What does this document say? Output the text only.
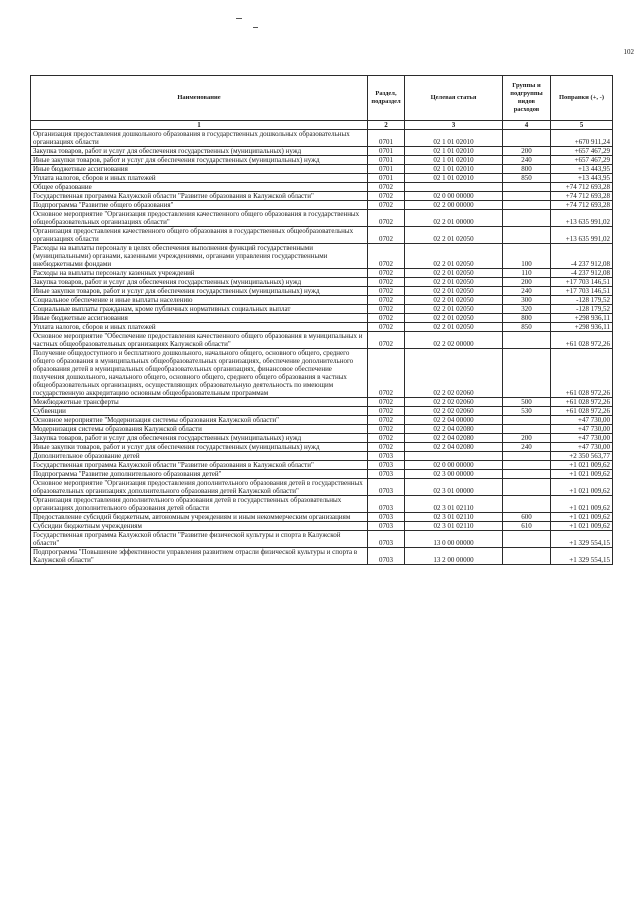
102
Наименование	Раздел, подраздел	Целевая статья	Группы и подгруппы видов расходов	Поправки (+, -)
1	2	3	4	5
Организация предоставления дошкольного образования в государственных дошкольных образовательных организациях области	0701	02 1 01 02010		+670 911,24
Закупка товаров, работ и услуг для обеспечения государственных (муниципальных) нужд	0701	02 1 01 02010	200	+657 467,29
Иные закупки товаров, работ и услуг для обеспечения государственных (муниципальных) нужд	0701	02 1 01 02010	240	+657 467,29
Иные бюджетные ассигнования	0701	02 1 01 02010	800	+13 443,95
Уплата налогов, сборов и иных платежей	0701	02 1 01 02010	850	+13 443,95
Общее образование	0702			+74 712 693,28
Государственная программа Калужской области "Развитие образования в Калужской области"	0702	02 0 00 00000		+74 712 693,28
Подпрограмма "Развитие общего образования"	0702	02 2 00 00000		+74 712 693,28
Основное мероприятие "Организация предоставления качественного общего образования в государственных общеобразовательных организациях области"	0702	02 2 01 00000		+13 635 991,02
Организация предоставления качественного общего образования в государственных общеобразовательных организациях области	0702	02 2 01 02050		+13 635 991,02
Расходы на выплаты персоналу в целях обеспечения выполнения функций государственными (муниципальными) органами, казенными учреждениями, органами управления государственными внебюджетными фондами	0702	02 2 01 02050	100	-4 237 912,08
Расходы на выплаты персоналу казенных учреждений	0702	02 2 01 02050	110	-4 237 912,08
Закупка товаров, работ и услуг для обеспечения государственных (муниципальных) нужд	0702	02 2 01 02050	200	+17 703 146,51
Иные закупки товаров, работ и услуг для обеспечения государственных (муниципальных) нужд	0702	02 2 01 02050	240	+17 703 146,51
Социальное обеспечение и иные выплаты населению	0702	02 2 01 02050	300	-128 179,52
Социальные выплаты гражданам, кроме публичных нормативных социальных выплат	0702	02 2 01 02050	320	-128 179,52
Иные бюджетные ассигнования	0702	02 2 01 02050	800	+298 936,11
Уплата налогов, сборов и иных платежей	0702	02 2 01 02050	850	+298 936,11
Основное мероприятие "Обеспечение предоставления качественного общего образования в муниципальных и частных общеобразовательных организациях Калужской области"	0702	02 2 02 00000		+61 028 972,26
Получение общедоступного и бесплатного дошкольного, начального общего, основного общего, среднего общего образования в муниципальных общеобразовательных организациях, обеспечение дополнительного образования детей в муниципальных общеобразовательных организациях, финансовое обеспечение получения дошкольного, начального общего, основного общего, среднего общего образования в частных общеобразовательных организациях, осуществляющих образовательную деятельность по имеющим государственную аккредитацию основным общеобразовательным программам	0702	02 2 02 02060		+61 028 972,26
Межбюджетные трансферты	0702	02 2 02 02060	500	+61 028 972,26
Субвенции	0702	02 2 02 02060	530	+61 028 972,26
Основное мероприятие "Модернизация системы образования Калужской области"	0702	02 2 04 00000		+47 730,00
Модернизация системы образования Калужской области	0702	02 2 04 02080		+47 730,00
Закупка товаров, работ и услуг для обеспечения государственных (муниципальных) нужд	0702	02 2 04 02080	200	+47 730,00
Иные закупки товаров, работ и услуг для обеспечения государственных (муниципальных) нужд	0702	02 2 04 02080	240	+47 730,00
Дополнительное образование детей	0703			+2 350 563,77
Государственная программа Калужской области "Развитие образования в Калужской области"	0703	02 0 00 00000		+1 021 009,62
Подпрограмма "Развитие дополнительного образования детей"	0703	02 3 00 00000		+1 021 009,62
Основное мероприятие "Организация предоставления дополнительного образования детей в государственных образовательных организациях дополнительного образования детей Калужской области"	0703	02 3 01 00000		+1 021 009,62
Организация предоставления дополнительного образования детей в государственных образовательных организациях дополнительного образования детей области	0703	02 3 01 02110		+1 021 009,62
Предоставление субсидий бюджетным, автономным учреждениям и иным некоммерческим организациям	0703	02 3 01 02110	600	+1 021 009,62
Субсидии бюджетным учреждениям	0703	02 3 01 02110	610	+1 021 009,62
Государственная программа Калужской области "Развитие физической культуры и спорта в Калужской области"	0703	13 0 00 00000		+1 329 554,15
Подпрограмма "Повышение эффективности управления развитием отрасли физической культуры и спорта в Калужской области"	0703	13 2 00 00000		+1 329 554,15
